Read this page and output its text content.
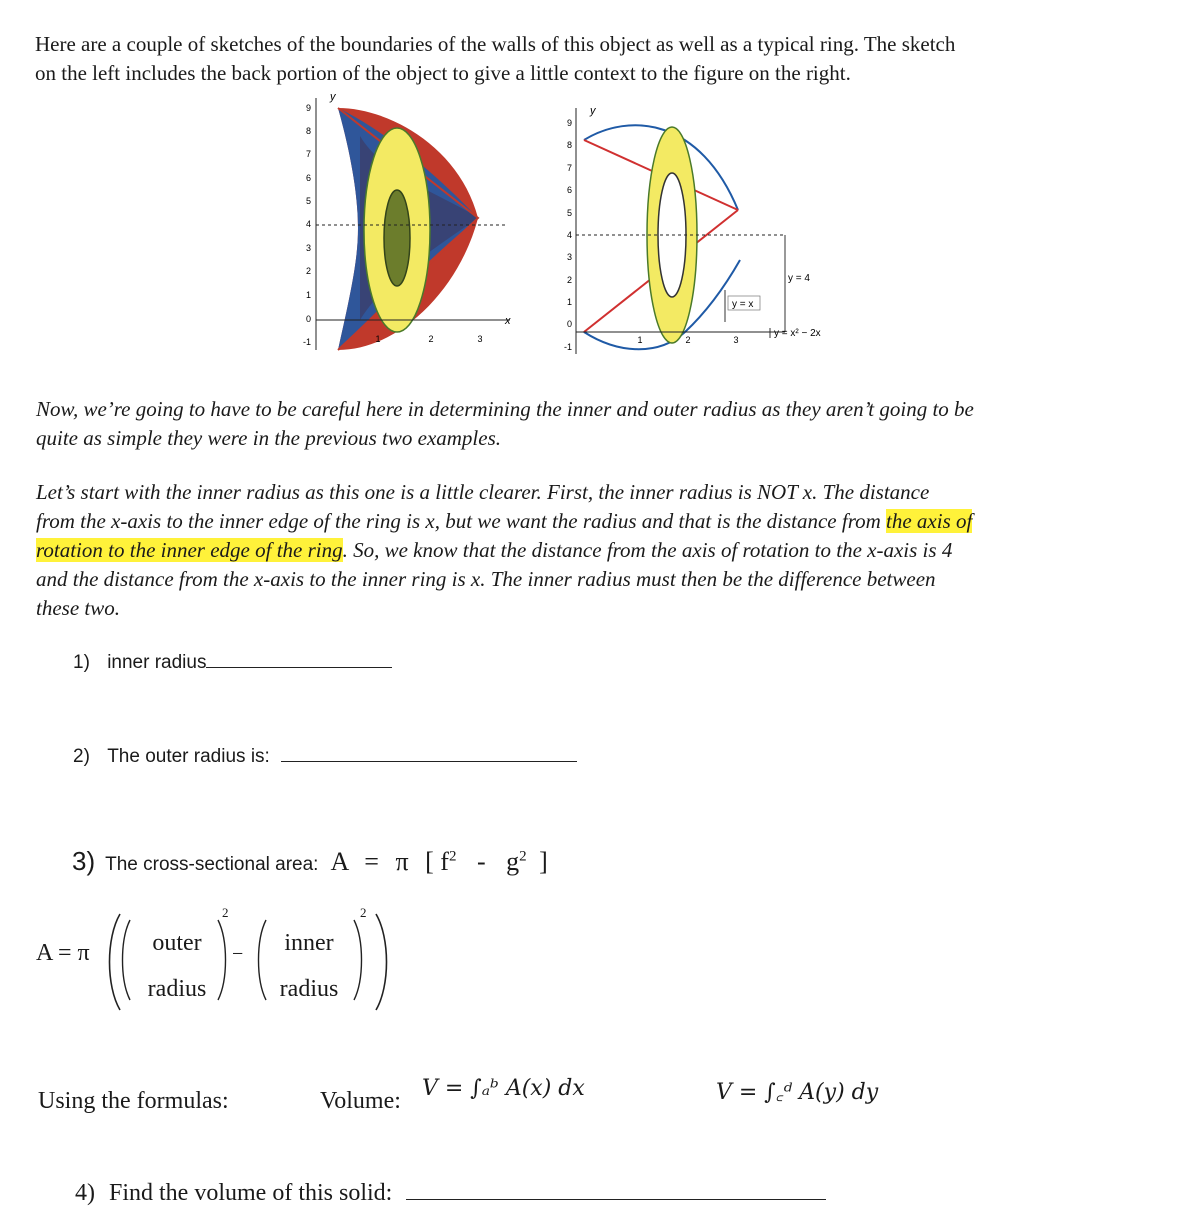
Here are a couple of sketches of the boundaries of the walls of this object as well as a typical ring. The sketch
on the left includes the back portion of the object to give a little context to the figure on the right.
y
x
9
8
7
6
5
4
3
2
1
0
-1	1	2	3
y = x
y = 4
y = x² − 2x
y
9
8
7
6
5
4
3
2
1
0
-1
1	2	3
Now, we’re going to have to be careful here in determining the inner and outer radius as they aren’t going to be
quite as simple they were in the previous two examples.
Let’s start with the inner radius as this one is a little clearer. First, the inner radius is NOT x. The distance
from the x-axis to the inner edge of the ring is x, but we want the radius and that is the distance from the axis of
rotation to the inner edge of the ring. So, we know that the distance from the axis of rotation to the x-axis is 4
and the distance from the x-axis to the inner ring is x. The inner radius must then be the difference between
these two.
1) inner radius
2) The outer radius is:
3) The cross-sectional area: A = π [ $f^2 - g^2$ ]
A = π	outer
radius
2
−	inner
radius
2
Using the formulas:	Volume: V = ∫ₐᵇ A(x) dx	V = ∫꜀ᵈ A(y) dy
4) Find the volume of this solid:
